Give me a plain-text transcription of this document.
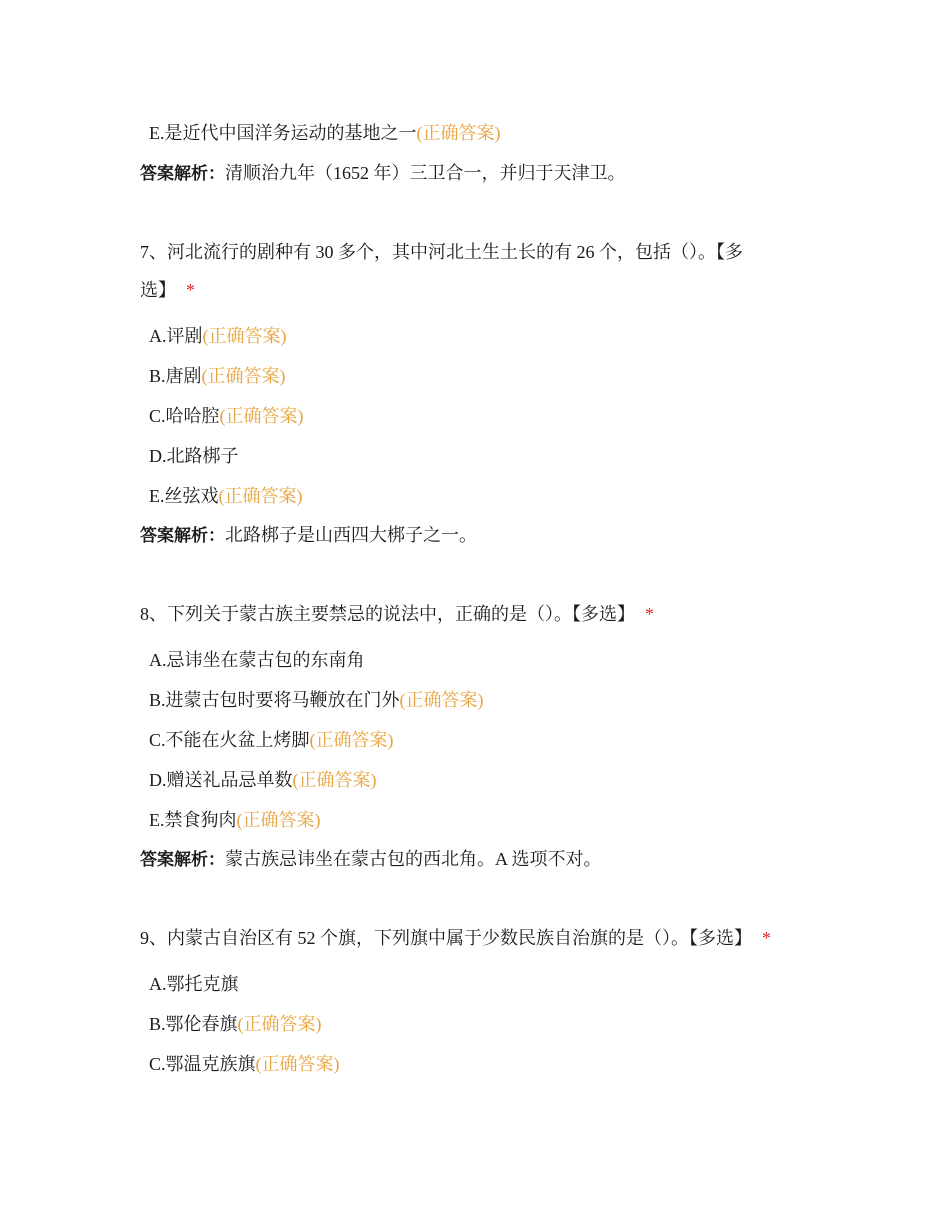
E.是近代中国洋务运动的基地之一(正确答案)
答案解析：清顺治九年（1652 年）三卫合一，并归于天津卫。
7、河北流行的剧种有 30 多个，其中河北土生土长的有 26 个，包括（）。【多
选】 *
A.评剧(正确答案)
B.唐剧(正确答案)
C.哈哈腔(正确答案)
D.北路梆子
E.丝弦戏(正确答案)
答案解析：北路梆子是山西四大梆子之一。
8、下列关于蒙古族主要禁忌的说法中，正确的是（）。【多选】 *
A.忌讳坐在蒙古包的东南角
B.进蒙古包时要将马鞭放在门外(正确答案)
C.不能在火盆上烤脚(正确答案)
D.赠送礼品忌单数(正确答案)
E.禁食狗肉(正确答案)
答案解析：蒙古族忌讳坐在蒙古包的西北角。A 选项不对。
9、内蒙古自治区有 52 个旗，下列旗中属于少数民族自治旗的是（）。【多选】 *
A.鄂托克旗
B.鄂伦春旗(正确答案)
C.鄂温克族旗(正确答案)
